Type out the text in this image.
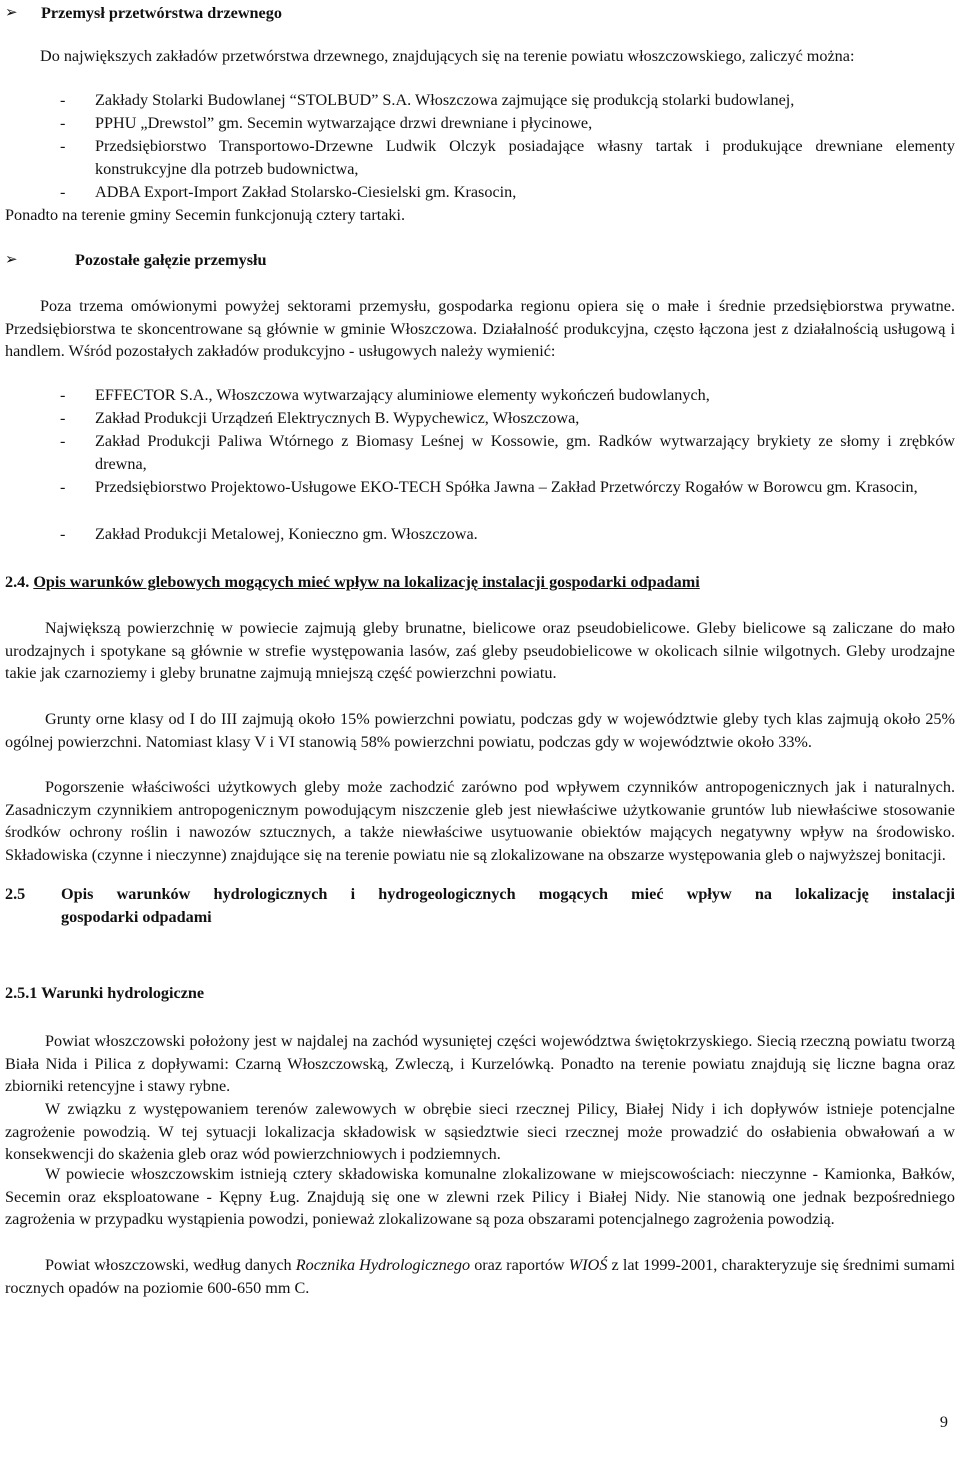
➢ Przemysł przetwórstwa drzewnego

Do największych zakładów przetwórstwa drzewnego, znajdujących się na terenie powiatu włoszczowskiego, zaliczyć można:

- Zakłady Stolarki Budowlanej “STOLBUD” S.A. Włoszczowa zajmujące się produkcją stolarki budowlanej,
- PPHU „Drewstol” gm. Secemin wytwarzające drzwi drewniane i płycinowe,
- Przedsiębiorstwo Transportowo-Drzewne Ludwik Olczyk posiadające własny tartak i produkujące drewniane elementy konstrukcyjne dla potrzeb budownictwa,
- ADBA Export-Import Zakład Stolarsko-Ciesielski gm. Krasocin,

Ponadto na terenie gminy Secemin funkcjonują cztery tartaki.

➢	Pozostałe gałęzie przemysłu

Poza trzema omówionymi powyżej sektorami przemysłu, gospodarka regionu opiera się o małe i średnie przedsiębiorstwa prywatne. Przedsiębiorstwa te skoncentrowane są głównie w gminie Włoszczowa. Działalność produkcyjna, często łączona jest z działalnością usługową i handlem. Wśród pozostałych zakładów produkcyjno - usługowych należy wymienić:

- EFFECTOR S.A., Włoszczowa wytwarzający aluminiowe elementy wykończeń budowlanych,
- Zakład Produkcji Urządzeń Elektrycznych B. Wypychewicz, Włoszczowa,
- Zakład Produkcji Paliwa Wtórnego z Biomasy Leśnej w Kossowie, gm. Radków wytwarzający brykiety ze słomy i zrębków drewna,
- Przedsiębiorstwo Projektowo-Usługowe EKO-TECH Spółka Jawna – Zakład Przetwórczy Rogałów w Borowcu gm. Krasocin,
- Zakład Produkcji Metalowej, Konieczno gm. Włoszczowa.
2.4. Opis warunków glebowych mogących mieć wpływ na lokalizację instalacji gospodarki odpadami

Największą powierzchnię w powiecie zajmują gleby brunatne, bielicowe oraz pseudobielicowe. Gleby bielicowe są zaliczane do mało urodzajnych i spotykane są głównie w strefie występowania lasów, zaś gleby pseudobielicowe w okolicach silnie wilgotnych. Gleby urodzajne takie jak czarnoziemy i gleby brunatne zajmują mniejszą część powierzchni powiatu.

Grunty orne klasy od I do III zajmują około 15% powierzchni powiatu, podczas gdy w województwie gleby tych klas zajmują około 25% ogólnej powierzchni. Natomiast klasy V i VI stanowią 58% powierzchni powiatu, podczas gdy w województwie około 33%.

Pogorszenie właściwości użytkowych gleby może zachodzić zarówno pod wpływem czynników antropogenicznych jak i naturalnych. Zasadniczym czynnikiem antropogenicznym powodującym niszczenie gleb jest niewłaściwe użytkowanie gruntów lub niewłaściwe stosowanie środków ochrony roślin i nawozów sztucznych, a także niewłaściwe usytuowanie obiektów mających negatywny wpływ na środowisko. Składowiska (czynne i nieczynne) znajdujące się na terenie powiatu nie są zlokalizowane na obszarze występowania gleb o najwyższej bonitacji.

2.5	Opis warunków hydrologicznych i hydrogeologicznych mogących mieć wpływ na lokalizację instalacji
gospodarki odpadami
2.5.1 Warunki hydrologiczne

Powiat włoszczowski położony jest w najdalej na zachód wysuniętej części województwa świętokrzyskiego. Siecią rzeczną powiatu tworzą Biała Nida i Pilica z dopływami: Czarną Włoszczowską, Zwleczą, i Kurzelówką. Ponadto na terenie powiatu znajdują się liczne bagna oraz zbiorniki retencyjne i stawy rybne.

W związku z występowaniem terenów zalewowych w obrębie sieci rzecznej Pilicy, Białej Nidy i ich dopływów istnieje potencjalne zagrożenie powodzią. W tej sytuacji lokalizacja składowisk w sąsiedztwie sieci rzecznej może prowadzić do osłabienia obwałowań a w konsekwencji do skażenia gleb oraz wód powierzchniowych i podziemnych.

W powiecie włoszczowskim istnieją cztery składowiska komunalne zlokalizowane w miejscowościach: nieczynne - Kamionka, Bałków, Secemin oraz eksploatowane - Kępny Ług. Znajdują się one w zlewni rzek Pilicy i Białej Nidy. Nie stanowią one jednak bezpośredniego zagrożenia w przypadku wystąpienia powodzi, ponieważ zlokalizowane są poza obszarami potencjalnego zagrożenia powodzią.

Powiat włoszczowski, według danych Rocznika Hydrologicznego oraz raportów WIOŚ z lat 1999-2001, charakteryzuje się średnimi sumami rocznych opadów na poziomie 600-650 mm C.

9
